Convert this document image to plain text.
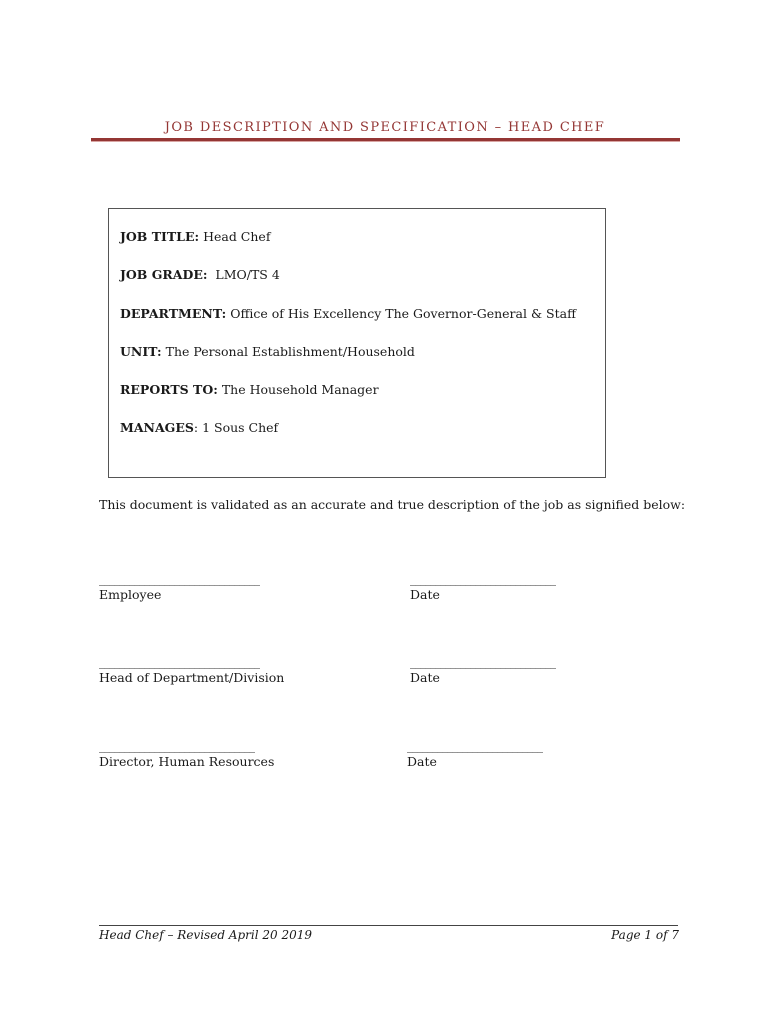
JOB DESCRIPTION AND SPECIFICATION – HEAD CHEF
JOB TITLE: Head Chef
JOB GRADE:  LMO/TS 4
DEPARTMENT: Office of His Excellency The Governor-General & Staff
UNIT: The Personal Establishment/Household
REPORTS TO: The Household Manager
MANAGES: 1 Sous Chef
This document is validated as an accurate and true description of the job as signified below:
________________________________	_____________________________
Employee	Date
________________________________	_____________________________
Head of Department/Division	Date
_______________________________	___________________________
Director, Human Resources	Date
Head Chef – Revised April 20 2019	Page 1 of 7
